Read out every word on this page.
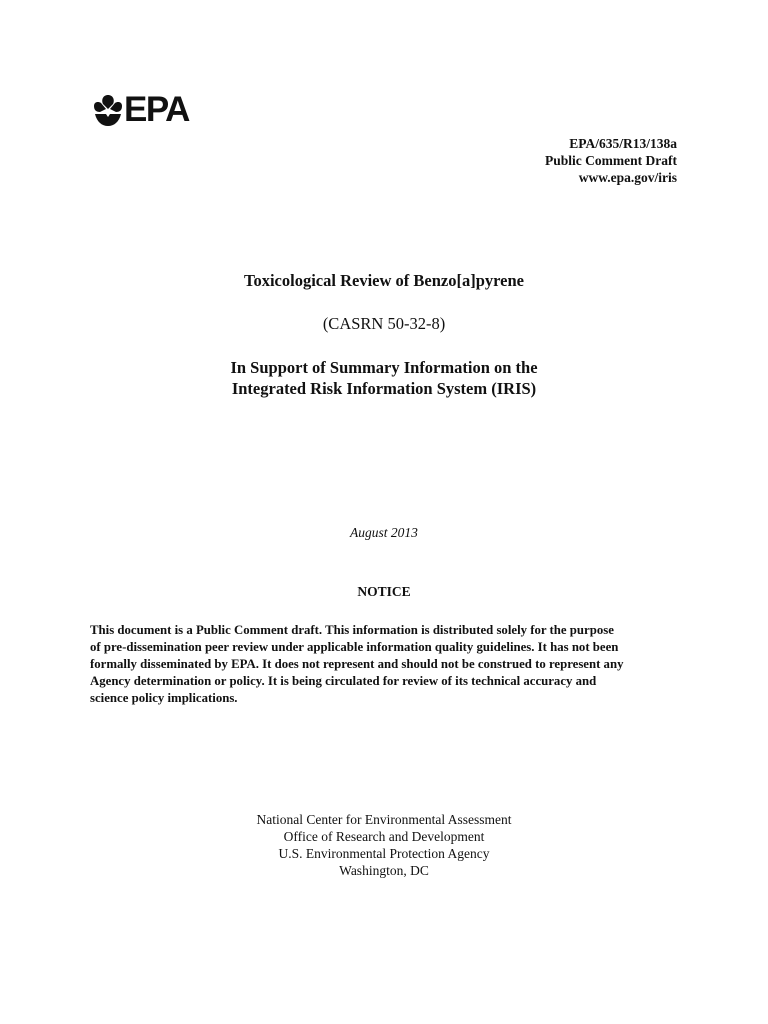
EPA
EPA/635/R13/138a
Public Comment Draft
www.epa.gov/iris
Toxicological Review of Benzo[a]pyrene
(CASRN 50-32-8)
In Support of Summary Information on the
Integrated Risk Information System (IRIS)
August 2013
NOTICE
This document is a Public Comment draft. This information is distributed solely for the purpose
of pre-dissemination peer review under applicable information quality guidelines. It has not been
formally disseminated by EPA. It does not represent and should not be construed to represent any
Agency determination or policy. It is being circulated for review of its technical accuracy and
science policy implications.
National Center for Environmental Assessment
Office of Research and Development
U.S. Environmental Protection Agency
Washington, DC
